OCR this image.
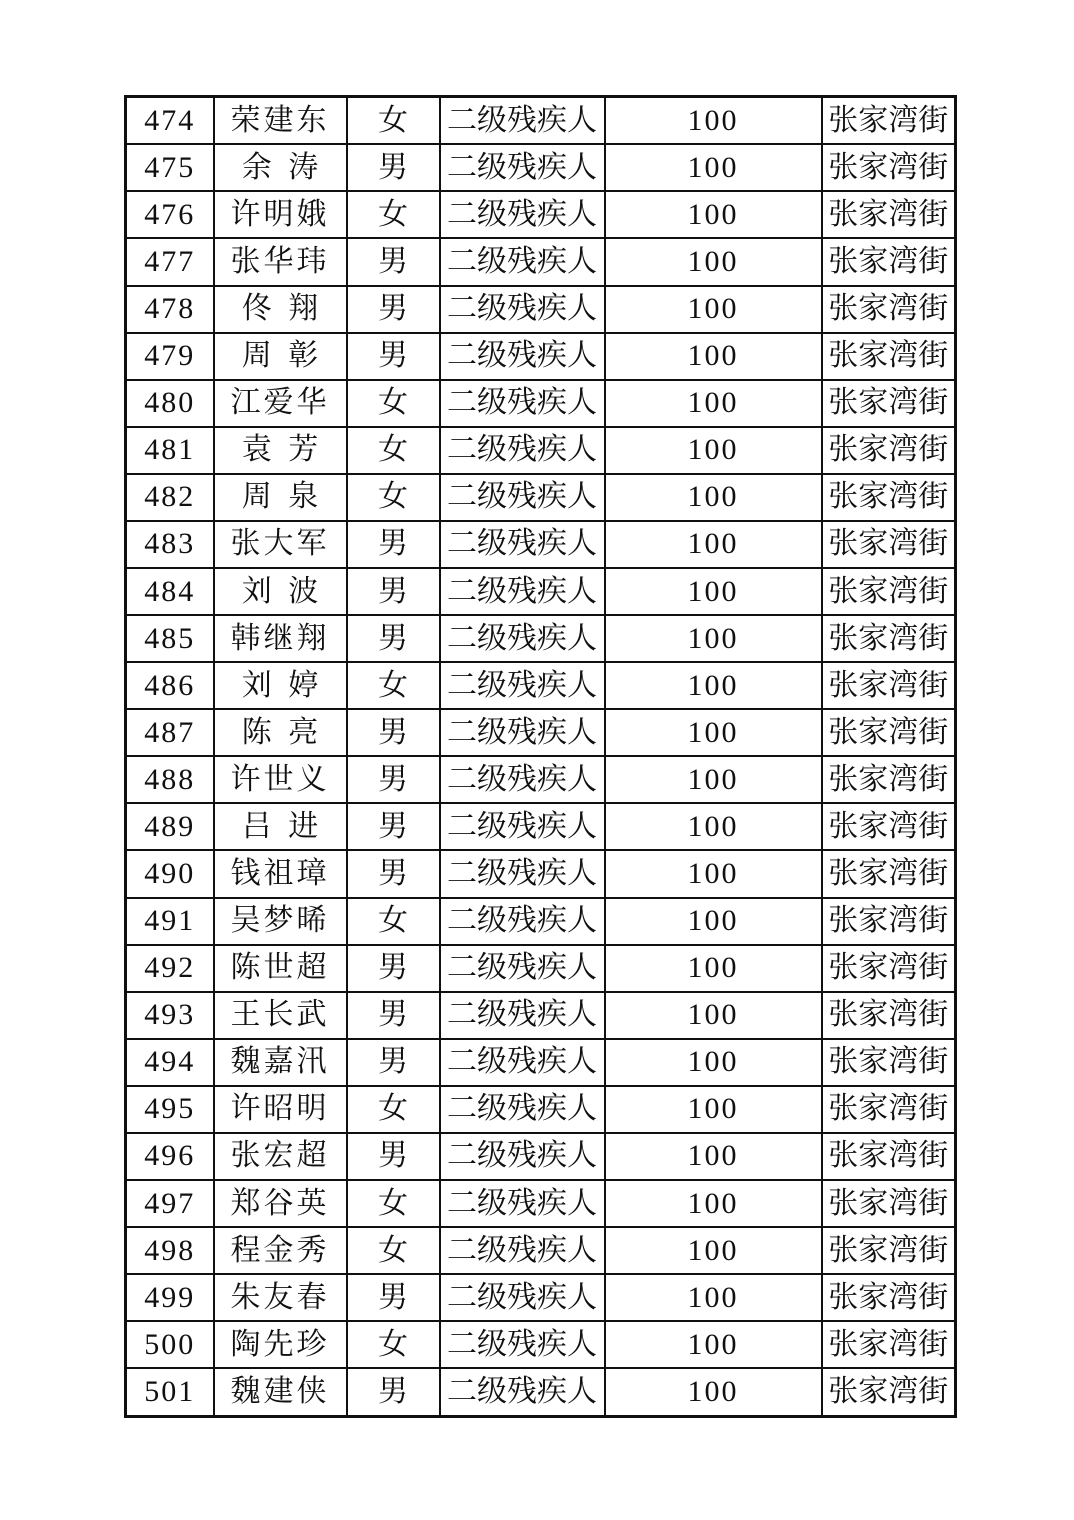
474	荣建东	女	二级残疾人	100	张家湾街
475	余涛	男	二级残疾人	100	张家湾街
476	许明娥	女	二级残疾人	100	张家湾街
477	张华玮	男	二级残疾人	100	张家湾街
478	佟翔	男	二级残疾人	100	张家湾街
479	周彰	男	二级残疾人	100	张家湾街
480	江爱华	女	二级残疾人	100	张家湾街
481	袁芳	女	二级残疾人	100	张家湾街
482	周泉	女	二级残疾人	100	张家湾街
483	张大军	男	二级残疾人	100	张家湾街
484	刘波	男	二级残疾人	100	张家湾街
485	韩继翔	男	二级残疾人	100	张家湾街
486	刘婷	女	二级残疾人	100	张家湾街
487	陈亮	男	二级残疾人	100	张家湾街
488	许世义	男	二级残疾人	100	张家湾街
489	吕进	男	二级残疾人	100	张家湾街
490	钱祖璋	男	二级残疾人	100	张家湾街
491	吴梦晞	女	二级残疾人	100	张家湾街
492	陈世超	男	二级残疾人	100	张家湾街
493	王长武	男	二级残疾人	100	张家湾街
494	魏嘉汛	男	二级残疾人	100	张家湾街
495	许昭明	女	二级残疾人	100	张家湾街
496	张宏超	男	二级残疾人	100	张家湾街
497	郑谷英	女	二级残疾人	100	张家湾街
498	程金秀	女	二级残疾人	100	张家湾街
499	朱友春	男	二级残疾人	100	张家湾街
500	陶先珍	女	二级残疾人	100	张家湾街
501	魏建侠	男	二级残疾人	100	张家湾街
